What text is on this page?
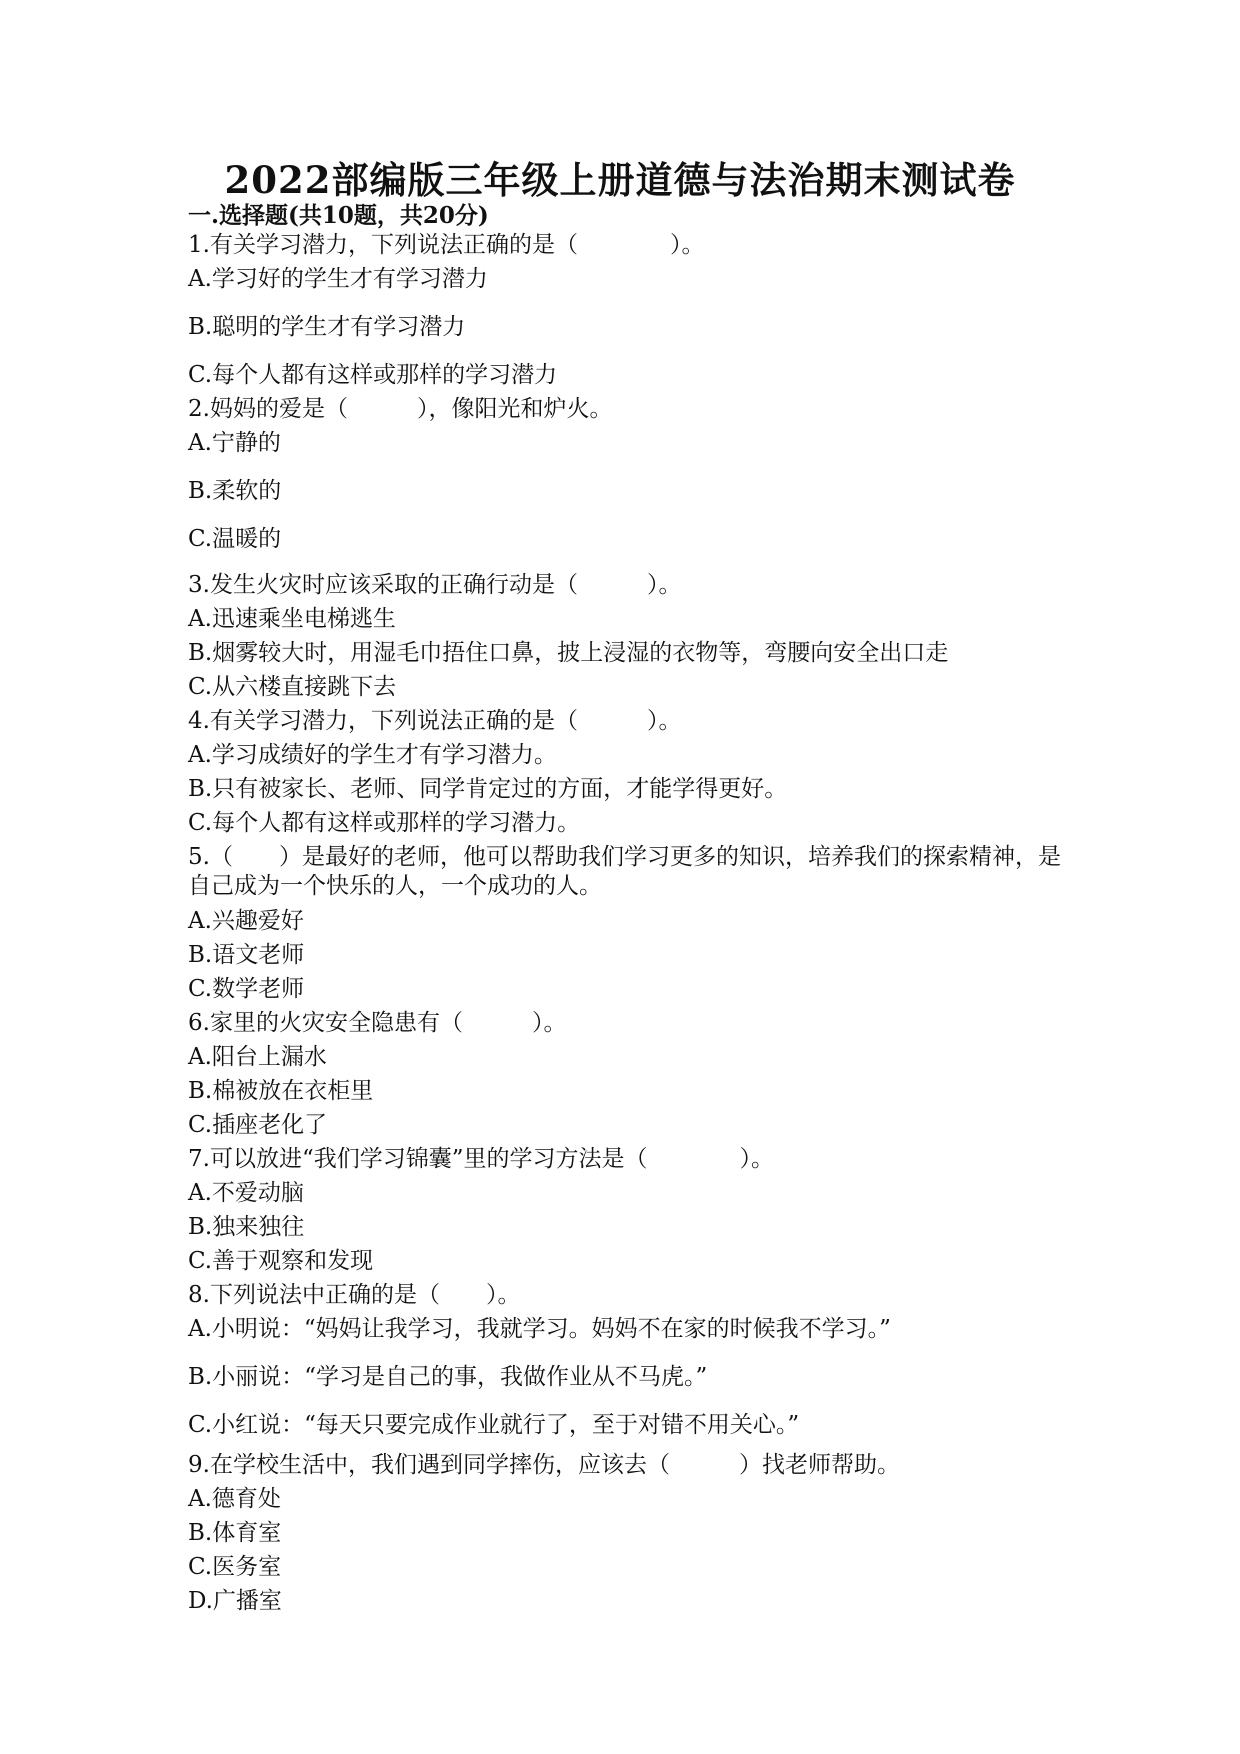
2022部编版三年级上册道德与法治期末测试卷
一.选择题(共10题，共20分)

1.有关学习潜力，下列说法正确的是（　　　　）。

A.学习好的学生才有学习潜力

B.聪明的学生才有学习潜力

C.每个人都有这样或那样的学习潜力

2.妈妈的爱是（　　　），像阳光和炉火。

A.宁静的

B.柔软的

C.温暖的

3.发生火灾时应该采取的正确行动是（　　　）。

A.迅速乘坐电梯逃生

B.烟雾较大时，用湿毛巾捂住口鼻，披上浸湿的衣物等，弯腰向安全出口走

C.从六楼直接跳下去

4.有关学习潜力，下列说法正确的是（　　　）。

A.学习成绩好的学生才有学习潜力。

B.只有被家长、老师、同学肯定过的方面，才能学得更好。

C.每个人都有这样或那样的学习潜力。

5.（　　）是最好的老师，他可以帮助我们学习更多的知识，培养我们的探索精神，是自己成为一个快乐的人，一个成功的人。

A.兴趣爱好

B.语文老师

C.数学老师

6.家里的火灾安全隐患有（　　　）。

A.阳台上漏水

B.棉被放在衣柜里

C.插座老化了

7.可以放进“我们学习锦囊”里的学习方法是（　　　　）。

A.不爱动脑

B.独来独往

C.善于观察和发现

8.下列说法中正确的是（　　）。

A.小明说：“妈妈让我学习，我就学习。妈妈不在家的时候我不学习。”

B.小丽说：“学习是自己的事，我做作业从不马虎。”

C.小红说：“每天只要完成作业就行了，至于对错不用关心。”

9.在学校生活中，我们遇到同学摔伤，应该去（　　　）找老师帮助。

A.德育处

B.体育室

C.医务室

D.广播室
